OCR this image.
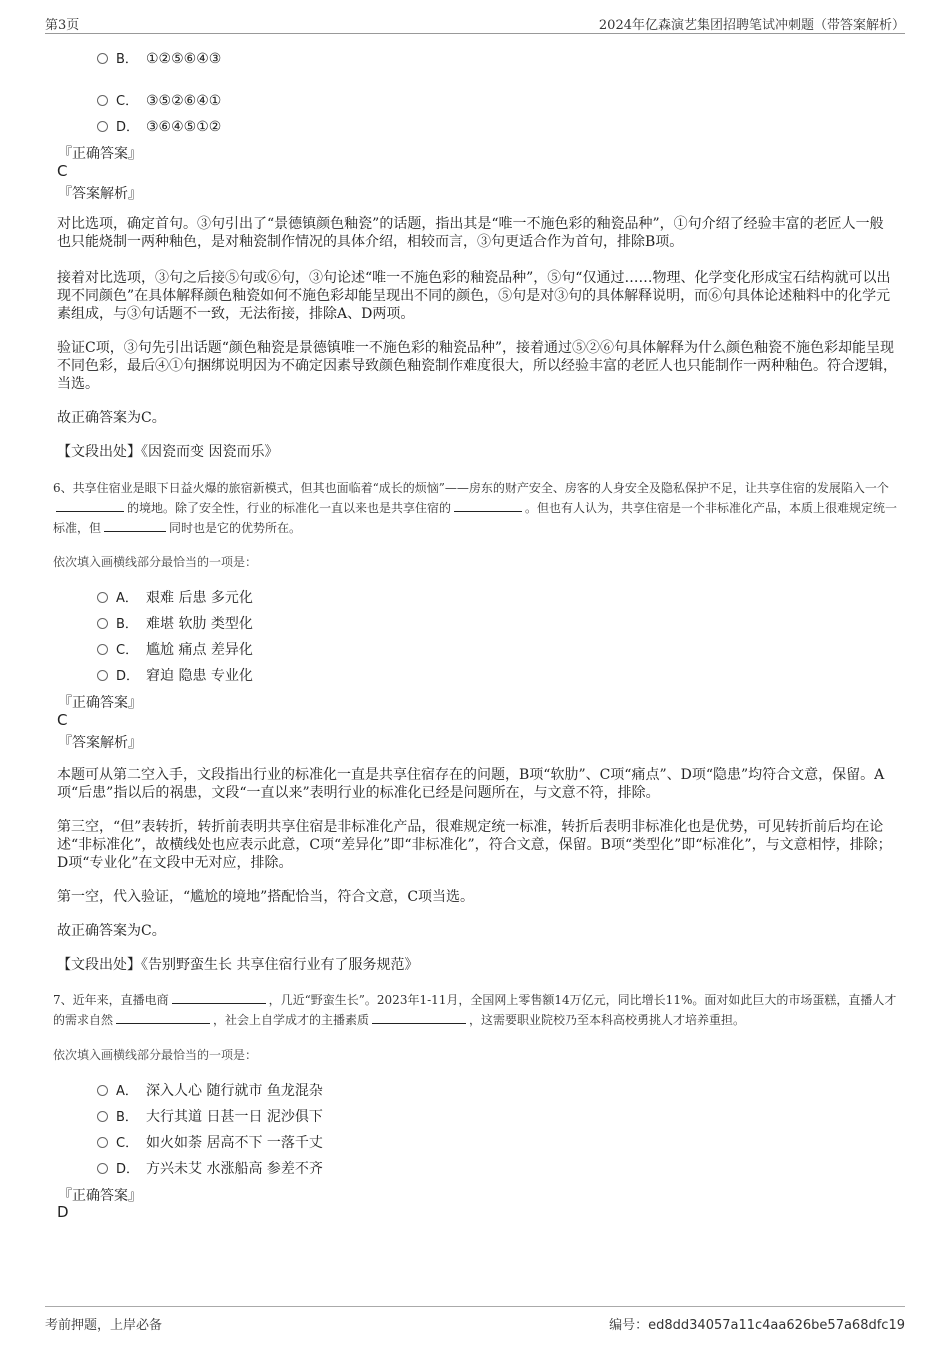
第3页	2024年亿森演艺集团招聘笔试冲刺题（带答案解析）
B． ①②⑤⑥④③
C． ③⑤②⑥④①
D． ③⑥④⑤①②
『正确答案』
C
『答案解析』
对比选项，确定首句。③句引出了“景德镇颜色釉瓷”的话题，指出其是“唯一不施色彩的釉瓷品种”，①句介绍了经验丰富的老匠人一般也只能烧制一两种釉色，是对釉瓷制作情况的具体介绍，相较而言，③句更适合作为首句，排除B项。
接着对比选项，③句之后接⑤句或⑥句，③句论述“唯一不施色彩的釉瓷品种”，⑤句“仅通过……物理、化学变化形成宝石结构就可以出现不同颜色”在具体解释颜色釉瓷如何不施色彩却能呈现出不同的颜色，⑤句是对③句的具体解释说明，而⑥句具体论述釉料中的化学元素组成，与③句话题不一致，无法衔接，排除A、D两项。
验证C项，③句先引出话题“颜色釉瓷是景德镇唯一不施色彩的釉瓷品种”，接着通过⑤②⑥句具体解释为什么颜色釉瓷不施色彩却能呈现不同色彩，最后④①句捆绑说明因为不确定因素导致颜色釉瓷制作难度很大，所以经验丰富的老匠人也只能制作一两种釉色。符合逻辑，当选。
故正确答案为C。
【文段出处】《因瓷而变 因瓷而乐》
6、共享住宿业是眼下日益火爆的旅宿新模式，但其也面临着“成长的烦恼”——房东的财产安全、房客的人身安全及隐私保护不足，让共享住宿的发展陷入一个的境地。除了安全性，行业的标准化一直以来也是共享住宿的	。但也有人认为，共享住宿是一个非标准化产品，本质上很难规定统一标准，但	同时也是它的优势所在。
依次填入画横线部分最恰当的一项是：
A． 艰难 后患 多元化
B． 难堪 软肋 类型化
C． 尴尬 痛点 差异化
D． 窘迫 隐患 专业化
『正确答案』
C
『答案解析』
本题可从第二空入手，文段指出行业的标准化一直是共享住宿存在的问题，B项“软肋”、C项“痛点”、D项“隐患”均符合文意，保留。A项“后患”指以后的祸患，文段“一直以来”表明行业的标准化已经是问题所在，与文意不符，排除。
第三空，“但”表转折，转折前表明共享住宿是非标准化产品，很难规定统一标准，转折后表明非标准化也是优势，可见转折前后均在论述“非标准化”，故横线处也应表示此意，C项“差异化”即“非标准化”，符合文意，保留。B项“类型化”即“标准化”，与文意相悖，排除；D项“专业化”在文段中无对应，排除。
第一空，代入验证，“尴尬的境地”搭配恰当，符合文意，C项当选。
故正确答案为C。
【文段出处】《告别野蛮生长 共享住宿行业有了服务规范》
7、近年来，直播电商	，几近“野蛮生长”。2023年1-11月，全国网上零售额14万亿元，同比增长11%。面对如此巨大的市场蛋糕，直播人才的需求自然	，社会上自学成才的主播素质	，这需要职业院校乃至本科高校勇挑人才培养重担。
依次填入画横线部分最恰当的一项是：
A． 深入人心 随行就市 鱼龙混杂
B． 大行其道 日甚一日 泥沙俱下
C． 如火如荼 居高不下 一落千丈
D． 方兴未艾 水涨船高 参差不齐
『正确答案』
D
考前押题，上岸必备	编号：ed8dd34057a11c4aa626be57a68dfc19
